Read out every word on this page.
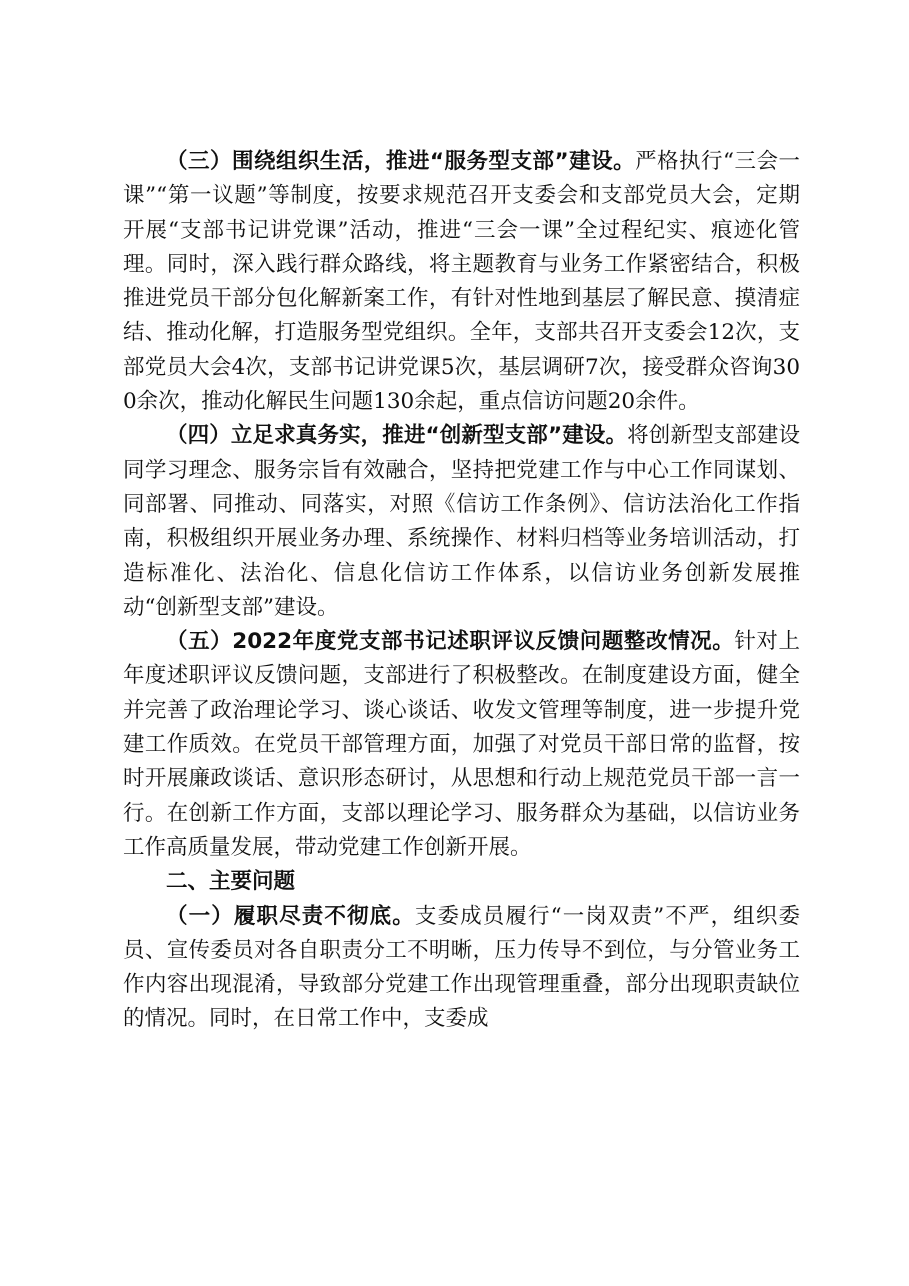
（三）围绕组织生活，推进“服务型支部”建设。严格执行“三会一课”“第一议题”等制度，按要求规范召开支委会和支部党员大会，定期开展“支部书记讲党课”活动，推进“三会一课”全过程纪实、痕迹化管理。同时，深入践行群众路线，将主题教育与业务工作紧密结合，积极推进党员干部分包化解新案工作，有针对性地到基层了解民意、摸清症结、推动化解，打造服务型党组织。全年，支部共召开支委会12次，支部党员大会4次，支部书记讲党课5次，基层调研7次，接受群众咨询300余次，推动化解民生问题130余起，重点信访问题20余件。

（四）立足求真务实，推进“创新型支部”建设。将创新型支部建设同学习理念、服务宗旨有效融合，坚持把党建工作与中心工作同谋划、同部署、同推动、同落实，对照《信访工作条例》、信访法治化工作指南，积极组织开展业务办理、系统操作、材料归档等业务培训活动，打造标准化、法治化、信息化信访工作体系，以信访业务创新发展推动“创新型支部”建设。

（五）2022年度党支部书记述职评议反馈问题整改情况。针对上年度述职评议反馈问题，支部进行了积极整改。在制度建设方面，健全并完善了政治理论学习、谈心谈话、收发文管理等制度，进一步提升党建工作质效。在党员干部管理方面，加强了对党员干部日常的监督，按时开展廉政谈话、意识形态研讨，从思想和行动上规范党员干部一言一行。在创新工作方面，支部以理论学习、服务群众为基础，以信访业务工作高质量发展，带动党建工作创新开展。

二、主要问题

（一）履职尽责不彻底。支委成员履行“一岗双责”不严，组织委员、宣传委员对各自职责分工不明晰，压力传导不到位，与分管业务工作内容出现混淆，导致部分党建工作出现管理重叠，部分出现职责缺位的情况。同时，在日常工作中，支委成
